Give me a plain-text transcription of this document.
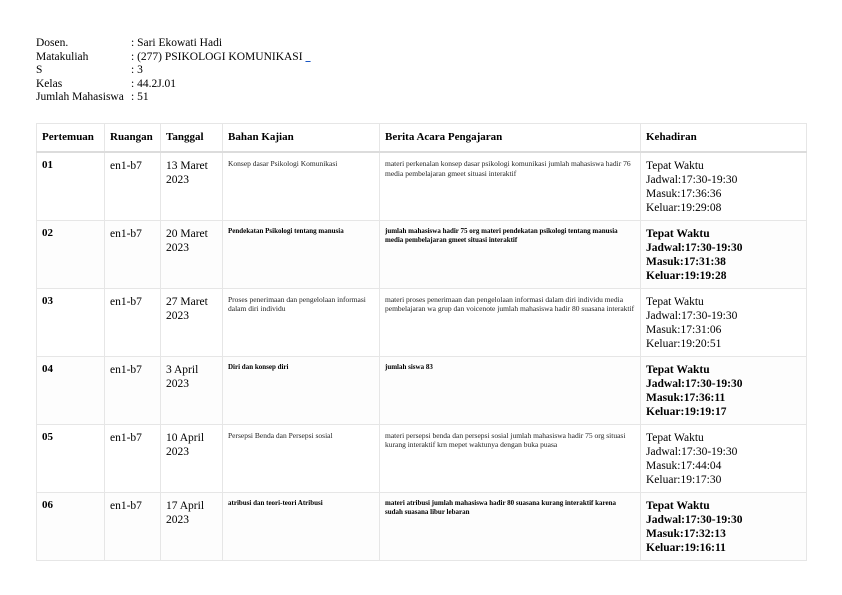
Dosen.	: Sari Ekowati Hadi
Matakuliah	: (277) PSIKOLOGI KOMUNIKASI _
S	: 3
Kelas	: 44.2J.01
Jumlah Mahasiswa : 51
Pertemuan	Ruangan	Tanggal	Bahan Kajian	Berita Acara Pengajaran	Kehadiran
01	en1-b7	13 Maret 2023	Konsep dasar Psikologi Komunikasi	materi perkenalan konsep dasar psikologi komunikasi jumlah mahasiswa hadir 76 media pembelajaran gmeet situasi interaktif	Tepat Waktu
Jadwal:17:30-19:30
Masuk:17:36:36
Keluar:19:29:08

02	en1-b7	20 Maret 2023	Pendekatan Psikologi tentang manusia	jumlah mahasiswa hadir 75 org materi pendekatan psikologi tentang manusia media pembelajaran gmeet situasi interaktif	Tepat Waktu
Jadwal:17:30-19:30
Masuk:17:31:38
Keluar:19:19:28

03	en1-b7	27 Maret 2023	Proses penerimaan dan pengelolaan informasi dalam diri individu	materi proses penerimaan dan pengelolaan informasi dalam diri individu media pembelajaran wa grup dan voicenote jumlah mahasiswa hadir 80 suasana interaktif	Tepat Waktu
Jadwal:17:30-19:30
Masuk:17:31:06
Keluar:19:20:51

04	en1-b7	3 April 2023	Diri dan konsep diri	jumlah siswa 83	Tepat Waktu
Jadwal:17:30-19:30
Masuk:17:36:11
Keluar:19:19:17

05	en1-b7	10 April 2023	Persepsi Benda dan Persepsi sosial	materi persepsi benda dan persepsi sosial jumlah mahasiswa hadir 75 org situasi kurang interaktif krn mepet waktunya dengan buka puasa	Tepat Waktu
Jadwal:17:30-19:30
Masuk:17:44:04
Keluar:19:17:30

06	en1-b7	17 April 2023	atribusi dan teori-teori Atribusi	materi atribusi jumlah mahasiswa hadir 80 suasana kurang interaktif karena sudah suasana libur lebaran	Tepat Waktu
Jadwal:17:30-19:30
Masuk:17:32:13
Keluar:19:16:11
